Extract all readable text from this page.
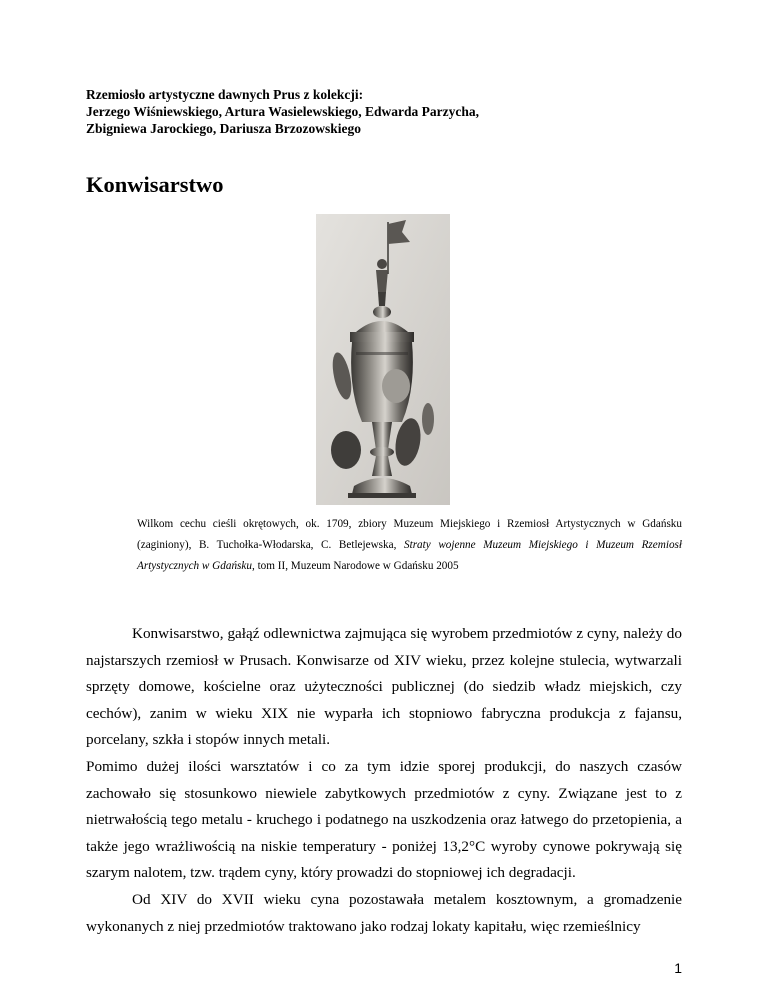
Rzemiosło artystyczne dawnych Prus z kolekcji:
Jerzego Wiśniewskiego, Artura Wasielewskiego, Edwarda Parzycha,
Zbigniewa Jarockiego, Dariusza Brzozowskiego
Konwisarstwo
Wilkom cechu cieśli okrętowych, ok. 1709, zbiory Muzeum Miejskiego i Rzemiosł Artystycznych w Gdańsku (zaginiony), B. Tuchołka-Włodarska, C. Betlejewska, Straty wojenne Muzeum Miejskiego i Muzeum Rzemiosł Artystycznych w Gdańsku, tom II, Muzeum Narodowe w Gdańsku 2005

Konwisarstwo, gałąź odlewnictwa zajmująca się wyrobem przedmiotów z cyny, należy do najstarszych rzemiosł w Prusach. Konwisarze od XIV wieku, przez kolejne stulecia, wytwarzali sprzęty domowe, kościelne oraz użyteczności publicznej (do siedzib władz miejskich, czy cechów), zanim w wieku XIX nie wyparła ich stopniowo fabryczna produkcja z fajansu, porcelany, szkła i stopów innych metali.

Pomimo dużej ilości warsztatów i co za tym idzie sporej produkcji, do naszych czasów zachowało się stosunkowo niewiele zabytkowych przedmiotów z cyny. Związane jest to z nietrwałością tego metalu - kruchego i podatnego na uszkodzenia oraz łatwego do przetopienia, a także jego wrażliwością na niskie temperatury - poniżej 13,2°C wyroby cynowe pokrywają się szarym nalotem, tzw. trądem cyny, który prowadzi do stopniowej ich degradacji.

Od XIV do XVII wieku cyna pozostawała metalem kosztownym, a gromadzenie wykonanych z niej przedmiotów traktowano jako rodzaj lokaty kapitału, więc rzemieślnicy

1
